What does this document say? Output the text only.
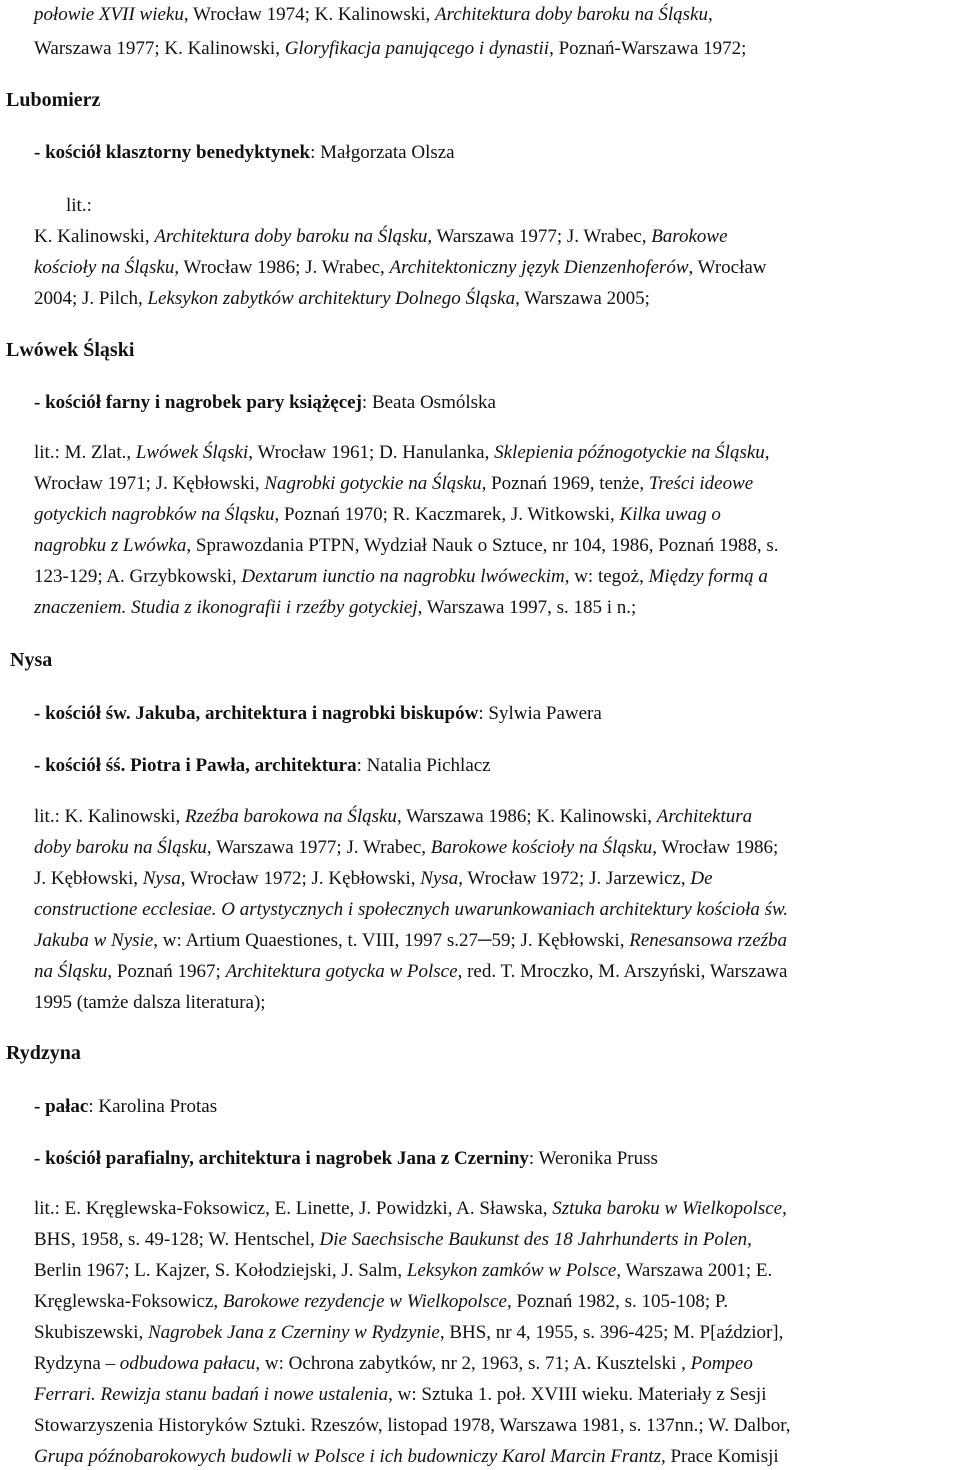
połowie XVII wieku, Wrocław 1974; K. Kalinowski, Architektura doby baroku na Śląsku,
Warszawa 1977; K. Kalinowski, Gloryfikacja panującego i dynastii, Poznań-Warszawa 1972;
Lubomierz
- kościół klasztorny benedyktynek: Małgorzata Olsza
lit.:
K. Kalinowski, Architektura doby baroku na Śląsku, Warszawa 1977; J. Wrabec, Barokowe
kościoły na Śląsku, Wrocław 1986; J. Wrabec, Architektoniczny język Dienzenhoferów, Wrocław
2004; J. Pilch, Leksykon zabytków architektury Dolnego Śląska, Warszawa 2005;
Lwówek Śląski
- kościół farny i nagrobek pary książęcej: Beata Osmólska
lit.: M. Zlat., Lwówek Śląski, Wrocław 1961; D. Hanulanka, Sklepienia późnogotyckie na Śląsku,
Wrocław 1971; J. Kębłowski, Nagrobki gotyckie na Śląsku, Poznań 1969, tenże, Treści ideowe
gotyckich nagrobków na Śląsku, Poznań 1970; R. Kaczmarek, J. Witkowski, Kilka uwag o
nagrobku z Lwówka, Sprawozdania PTPN, Wydział Nauk o Sztuce, nr 104, 1986, Poznań 1988, s.
123-129; A. Grzybkowski, Dextarum iunctio na nagrobku lwóweckim, w: tegoż, Między formą a
znaczeniem. Studia z ikonografii i rzeźby gotyckiej, Warszawa 1997, s. 185 i n.;
Nysa
- kościół św. Jakuba, architektura i nagrobki biskupów: Sylwia Pawera
- kościół śś. Piotra i Pawła, architektura: Natalia Pichlacz
lit.: K. Kalinowski, Rzeźba barokowa na Śląsku, Warszawa 1986; K. Kalinowski, Architektura
doby baroku na Śląsku, Warszawa 1977; J. Wrabec, Barokowe kościoły na Śląsku, Wrocław 1986;
J. Kębłowski, Nysa, Wrocław 1972; J. Kębłowski, Nysa, Wrocław 1972; J. Jarzewicz, De
constructione ecclesiae. O artystycznych i społecznych uwarunkowaniach architektury kościoła św.
Jakuba w Nysie, w: Artium Quaestiones, t. VIII, 1997 s.27─59; J. Kębłowski, Renesansowa rzeźba
na Śląsku, Poznań 1967; Architektura gotycka w Polsce, red. T. Mroczko, M. Arszyński, Warszawa
1995 (tamże dalsza literatura);
Rydzyna
- pałac: Karolina Protas
- kościół parafialny, architektura i nagrobek Jana z Czerniny: Weronika Pruss
lit.: E. Kręglewska-Foksowicz, E. Linette, J. Powidzki, A. Sławska, Sztuka baroku w Wielkopolsce,
BHS, 1958, s. 49-128; W. Hentschel, Die Saechsische Baukunst des 18 Jahrhunderts in Polen,
Berlin 1967; L. Kajzer, S. Kołodziejski, J. Salm, Leksykon zamków w Polsce, Warszawa 2001; E.
Kręglewska-Foksowicz, Barokowe rezydencje w Wielkopolsce, Poznań 1982, s. 105-108; P.
Skubiszewski, Nagrobek Jana z Czerniny w Rydzynie, BHS, nr 4, 1955, s. 396-425; M. P[aździor],
Rydzyna – odbudowa pałacu, w: Ochrona zabytków, nr 2, 1963, s. 71; A. Kusztelski , Pompeo
Ferrari. Rewizja stanu badań i nowe ustalenia, w: Sztuka 1. poł. XVIII wieku. Materiały z Sesji
Stowarzyszenia Historyków Sztuki. Rzeszów, listopad 1978, Warszawa 1981, s. 137nn.; W. Dalbor,
Grupa późnobarokowych budowli w Polsce i ich budowniczy Karol Marcin Frantz, Prace Komisji
